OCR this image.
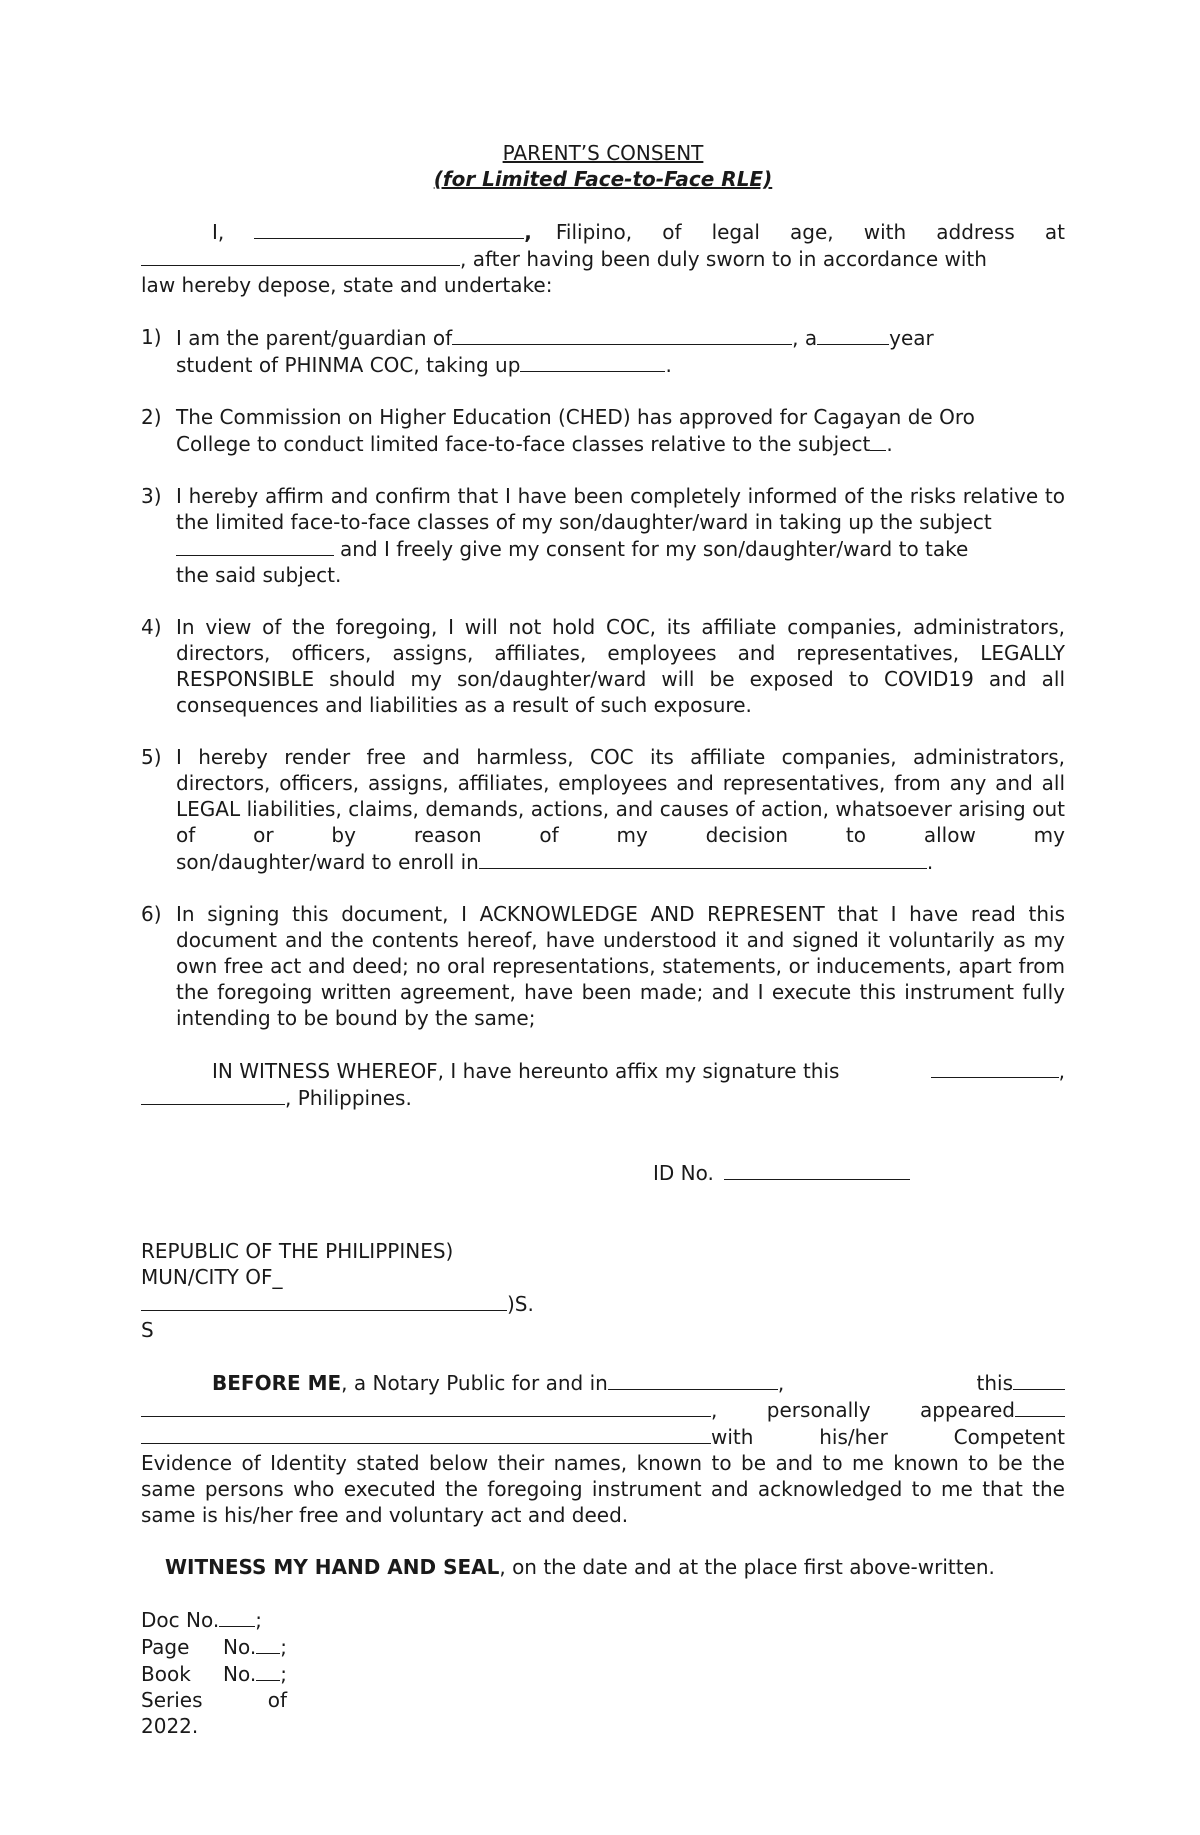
PARENT’S CONSENT
(for Limited Face-to-Face RLE)
I,	, Filipino, of legal age, with address at
, after having been duly sworn to in accordance with
law hereby depose, state and undertake:
1) I am the parent/guardian of	, a	year
student of PHINMA COC, taking up	.
2) The Commission on Higher Education (CHED) has approved for Cagayan de Oro
College to conduct limited face-to-face classes relative to the subject .
3) I hereby affirm and confirm that I have been completely informed of the risks relative to the limited face-to-face classes of my son/daughter/ward in taking up the subject
and I freely give my consent for my son/daughter/ward to take
the said subject.
4) In view of the foregoing, I will not hold COC, its affiliate companies, administrators, directors, officers, assigns, affiliates, employees and representatives, LEGALLY RESPONSIBLE should my son/daughter/ward will be exposed to COVID19 and all consequences and liabilities as a result of such exposure.
5) I hereby render free and harmless, COC its affiliate companies, administrators, directors, officers, assigns, affiliates, employees and representatives, from any and all LEGAL liabilities, claims, demands, actions, and causes of action, whatsoever arising out of or by reason of my decision to allow my
son/daughter/ward to enroll in	.
6) In signing this document, I ACKNOWLEDGE AND REPRESENT that I have read this document and the contents hereof, have understood it and signed it voluntarily as my own free act and deed; no oral representations, statements, or inducements, apart from the foregoing written agreement, have been made; and I execute this instrument fully intending to be bound by the same;
IN WITNESS WHEREOF, I have hereunto affix my signature this	,
, Philippines.
ID No.
REPUBLIC OF THE PHILIPPINES)
MUN/CITY OF_
)S.
S
BEFORE ME , a Notary Public for and in	,	this
, personally appeared
with his/her Competent
Evidence of Identity stated below their names, known to be and to me known to be the same persons who executed the foregoing instrument and acknowledged to me that the same is his/her free and voluntary act and deed.
WITNESS MY HAND AND SEAL, on the date and at the place first above-written.
Doc No. ;
Page No. ;
Book No. ;
Series of
2022.
